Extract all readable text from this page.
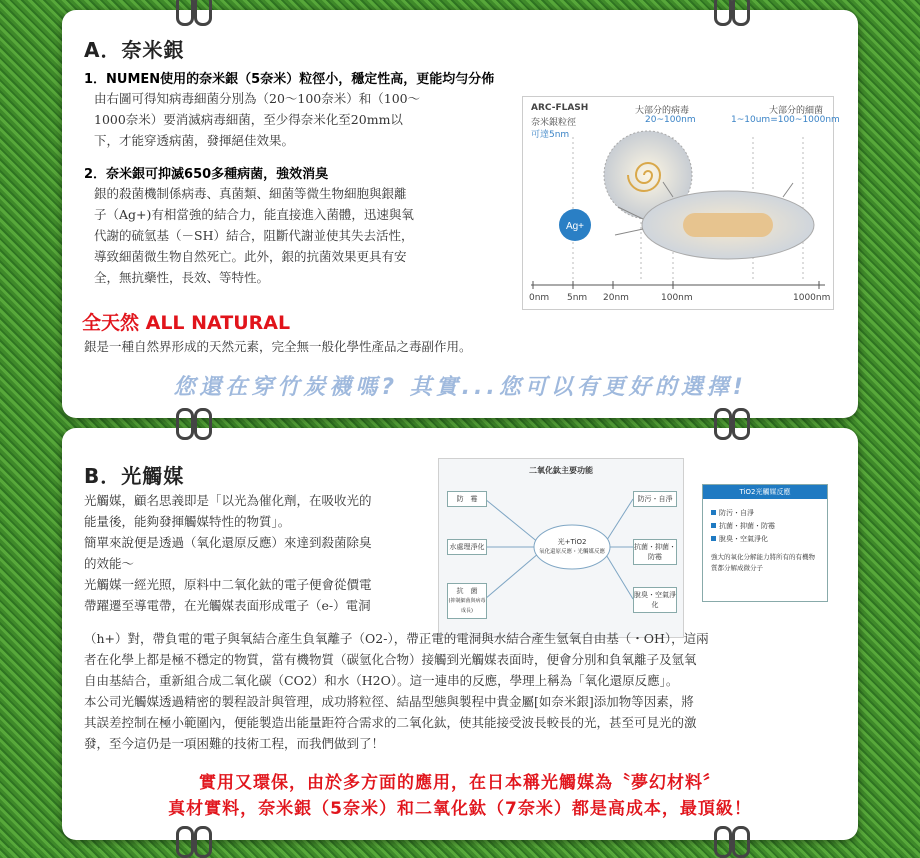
A．奈米銀
1．NUMEN使用的奈米銀（5奈米）粒徑小，穩定性高，更能均勻分佈
由右圖可得知病毒細菌分別為（20～100奈米）和（100～
1000奈米）要消滅病毒細菌，至少得奈米化至20mm以
下，才能穿透病菌，發揮絕佳效果。
2．奈米銀可抑滅650多種病菌，強效消臭
銀的殺菌機制係病毒、真菌類、細菌等微生物細胞與銀離
子（Ag+)有相當強的結合力，能直接進入菌體，迅速與氧
代謝的硫氫基（－SH）結合，阻斷代謝並使其失去活性，
導致細菌微生物自然死亡。此外，銀的抗菌效果更具有安
全，無抗藥性，長效、等特性。
ARC-FLASH
奈米銀粒徑
可達5nm
大部分的病毒
20~100nm
大部分的細菌
1~10um=100~1000nm
Ag+
0nm 5nm 20nm	100nm	1000nm
全天然 ALL NATURAL
銀是一種自然界形成的天然元素，完全無一般化學性產品之毒副作用。
您還在穿竹炭襪嗎? 其實...您可以有更好的選擇!
B．光觸媒
光觸媒，顧名思義即是「以光為催化劑，在吸收光的
能量後，能夠發揮觸媒特性的物質」。
簡單來說便是透過（氧化還原反應）來達到殺菌除臭
的效能～
光觸媒一經光照，原料中二氧化鈦的電子便會從價電
帶躍遷至導電帶，在光觸媒表面形成電子（e-）電洞
二氧化鈦主要功能
防　霉
水處理淨化
抗　菌
(抑制細菌與病毒成長)
光+TiO2
氧化還原反應・光觸媒反應
防污・自淨
抗菌・抑菌・防霉
脫臭・空氣淨化
TiO2光觸媒反應
防污・自淨
抗菌・抑菌・防霉
脫臭・空氣淨化
強大的氧化分解能力將所有的有機物質都分解成微分子
（h+）對，帶負電的電子與氧結合產生負氧離子（O2-），帶正電的電洞與水結合產生氫氧自由基（・OH），這兩
者在化學上都是極不穩定的物質，當有機物質（碳氫化合物）接觸到光觸媒表面時，便會分別和負氧離子及氫氧
自由基結合，重新組合成二氧化碳（CO2）和水（H2O）。這一連串的反應，學理上稱為「氧化還原反應」。
本公司光觸媒透過精密的製程設計與管理，成功將粒徑、結晶型態與製程中貴金屬[如奈米銀]添加物等因素，將
其誤差控制在極小範圍內，便能製造出能量距符合需求的二氧化鈦，使其能接受波長較長的光，甚至可見光的激
發，至今這仍是一項困難的技術工程，而我們做到了！
實用又環保，由於多方面的應用，在日本稱光觸媒為〝夢幻材料〞
真材實料，奈米銀（5奈米）和二氧化鈦（7奈米）都是高成本，最頂級！
